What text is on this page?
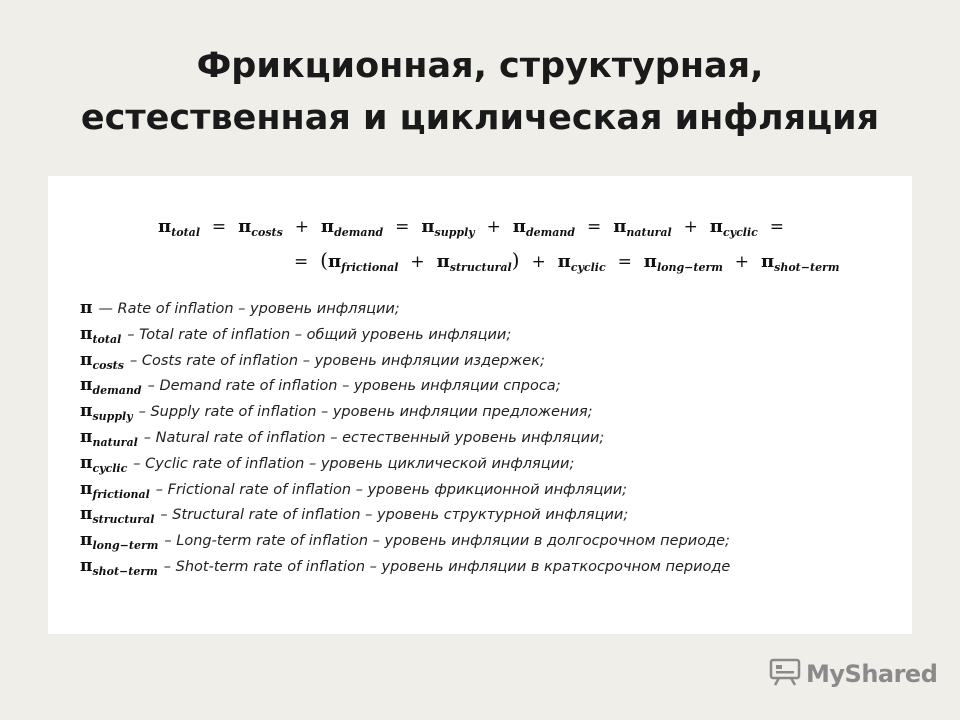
Фрикционная, структурная,
естественная и циклическая инфляция
$\pi_{total} = \pi_{costs} + \pi_{demand} = \pi_{supply} + \pi_{demand} = \pi_{natural} + \pi_{cyclic}$ =
= $(\pi_{frictional} + \pi_{structural}) + \pi_{cyclic} = \pi_{long-term} + \pi_{shot-term}$
π — Rate of inflation – уровень инфляции;
$\pi_{total}$ – Total rate of inflation – общий уровень инфляции;
$\pi_{costs}$ – Costs rate of inflation – уровень инфляции издержек;
$\pi_{demand}$ – Demand rate of inflation – уровень инфляции спроса;
$\pi_{supply}$ – Supply rate of inflation – уровень инфляции предложения;
$\pi_{natural}$ – Natural rate of inflation – естественный уровень инфляции;
$\pi_{cyclic}$ – Cyclic rate of inflation – уровень циклической инфляции;
$\pi_{frictional}$ – Frictional rate of inflation – уровень фрикционной инфляции;
$\pi_{structural}$ – Structural rate of inflation – уровень структурной инфляции;
$\pi_{long-term}$ – Long-term rate of inflation – уровень инфляции в долгосрочном периоде;
$\pi_{shot-term}$ – Shot-term rate of inflation – уровень инфляции в краткосрочном периоде
MyShared
